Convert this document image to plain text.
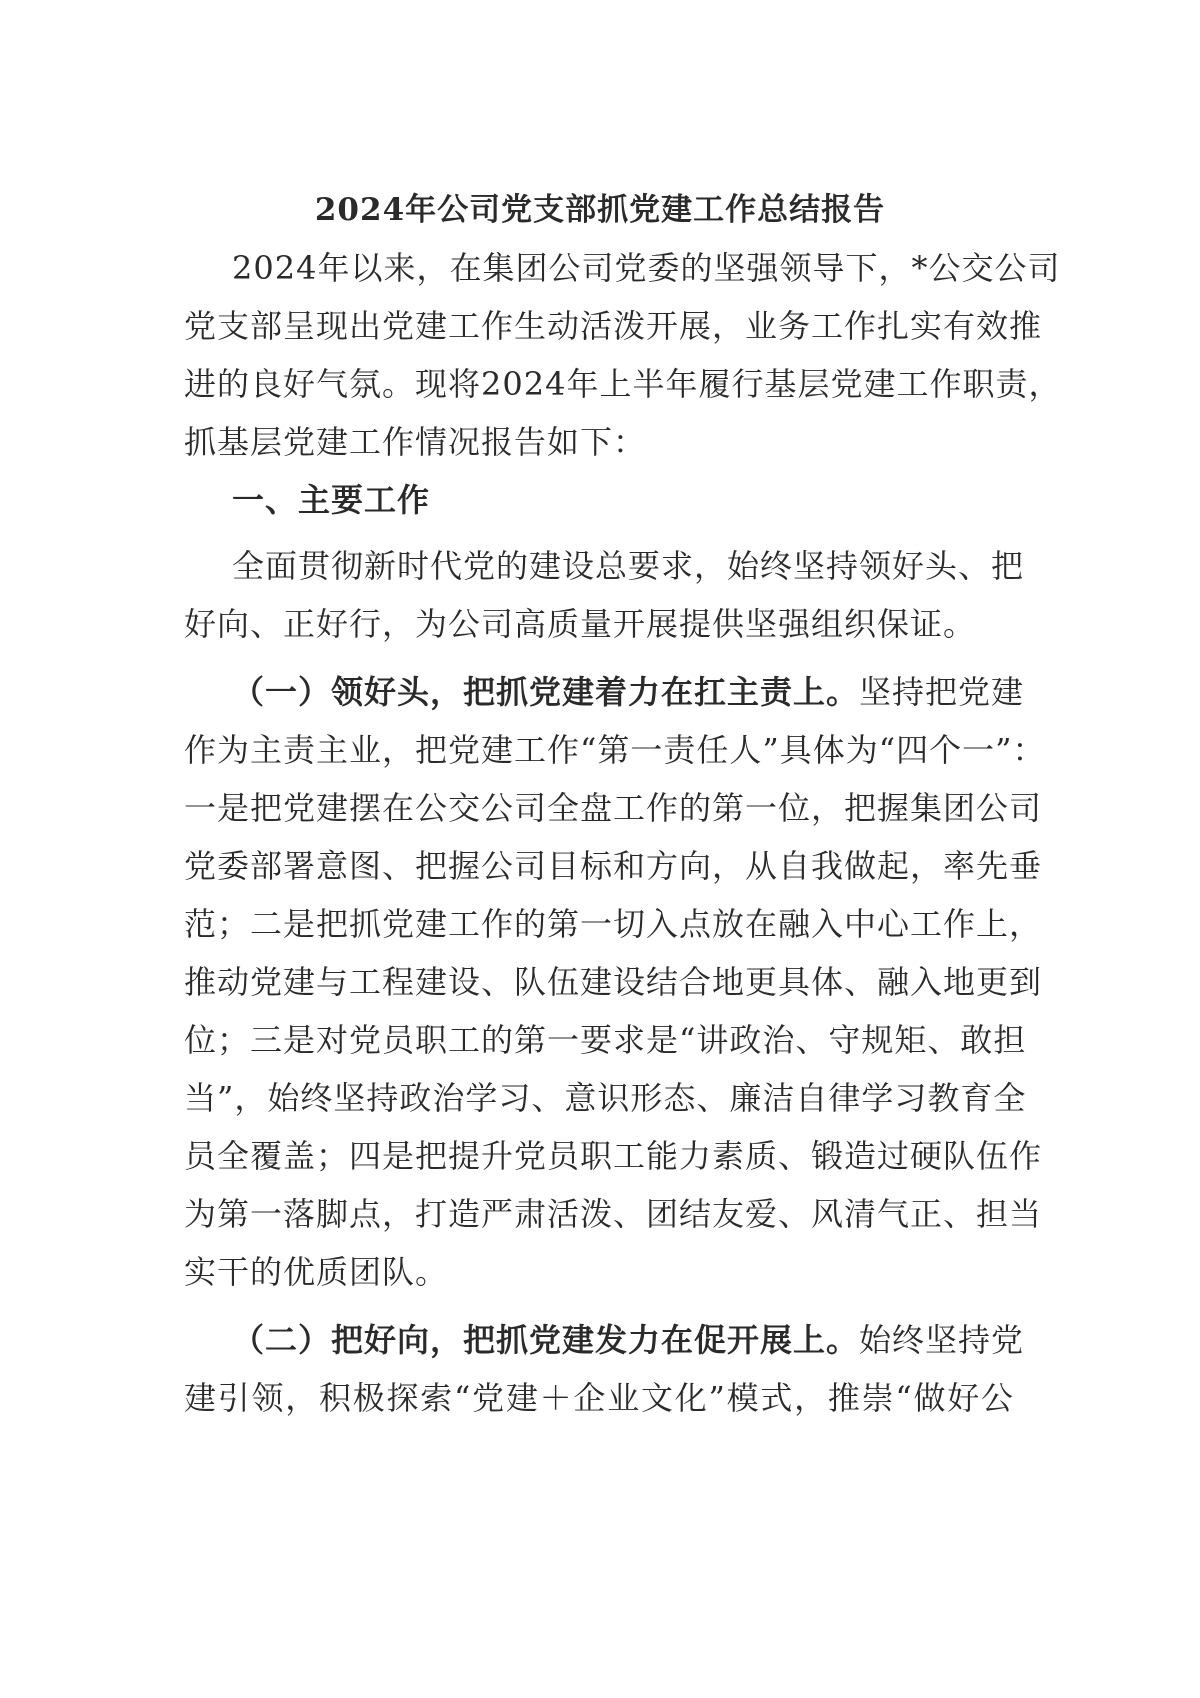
2024年公司党支部抓党建工作总结报告
2024年以来，在集团公司党委的坚强领导下，*公交公司
党支部呈现出党建工作生动活泼开展，业务工作扎实有效推
进的良好气氛。现将2024年上半年履行基层党建工作职责，
抓基层党建工作情况报告如下：
一、主要工作
全面贯彻新时代党的建设总要求，始终坚持领好头、把
好向、正好行，为公司高质量开展提供坚强组织保证。
（一）领好头，把抓党建着力在扛主责上。坚持把党建
作为主责主业，把党建工作“第一责任人”具体为“四个一”：
一是把党建摆在公交公司全盘工作的第一位，把握集团公司
党委部署意图、把握公司目标和方向，从自我做起，率先垂
范；二是把抓党建工作的第一切入点放在融入中心工作上，
推动党建与工程建设、队伍建设结合地更具体、融入地更到
位；三是对党员职工的第一要求是“讲政治、守规矩、敢担
当”，始终坚持政治学习、意识形态、廉洁自律学习教育全
员全覆盖；四是把提升党员职工能力素质、锻造过硬队伍作
为第一落脚点，打造严肃活泼、团结友爱、风清气正、担当
实干的优质团队。
（二）把好向，把抓党建发力在促开展上。始终坚持党
建引领，积极探索“党建＋企业文化”模式，推崇“做好公
